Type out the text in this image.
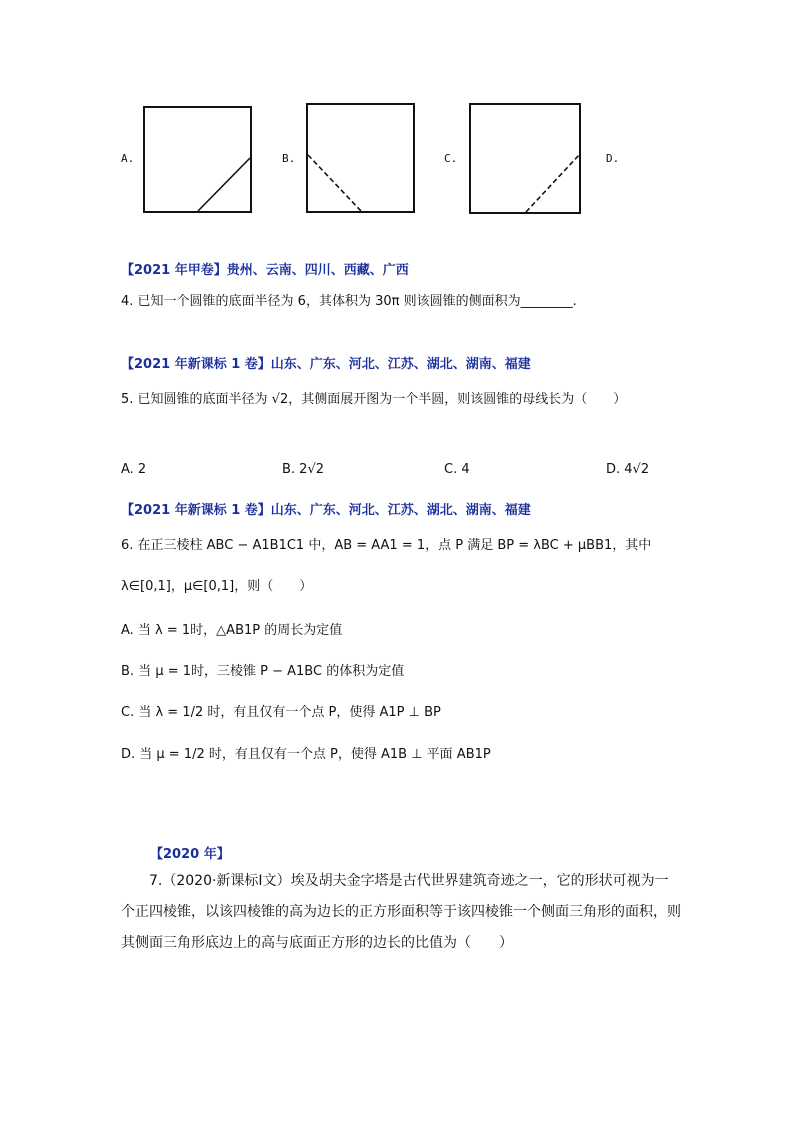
A.	B.	C.	D.
【2021 年甲卷】贵州、云南、四川、西藏、广西
4. 已知一个圆锥的底面半径为 6，其体积为 30π 则该圆锥的侧面积为________.
【2021 年新课标 1 卷】山东、广东、河北、江苏、湖北、湖南、福建
5. 已知圆锥的底面半径为 √2，其侧面展开图为一个半圆，则该圆锥的母线长为（　　）
A. 2	B. 2√2	C. 4	D. 4√2
【2021 年新课标 1 卷】山东、广东、河北、江苏、湖北、湖南、福建
6. 在正三棱柱 ABC − A1B1C1 中，AB = AA1 = 1，点 P 满足 BP = λBC + μBB1，其中
λ∈[0,1]，μ∈[0,1]，则（　　）
A. 当 λ = 1时，△AB1P 的周长为定值
B. 当 μ = 1时，三棱锥 P − A1BC 的体积为定值
C. 当 λ = 1/2 时，有且仅有一个点 P，使得 A1P ⊥ BP
D. 当 μ = 1/2 时，有且仅有一个点 P，使得 A1B ⊥ 平面 AB1P
【2020 年】
7.（2020·新课标Ⅰ文）埃及胡夫金字塔是古代世界建筑奇迹之一，它的形状可视为一个正四棱锥，以该四棱锥的高为边长的正方形面积等于该四棱锥一个侧面三角形的面积，则其侧面三角形底边上的高与底面正方形的边长的比值为（　　）
